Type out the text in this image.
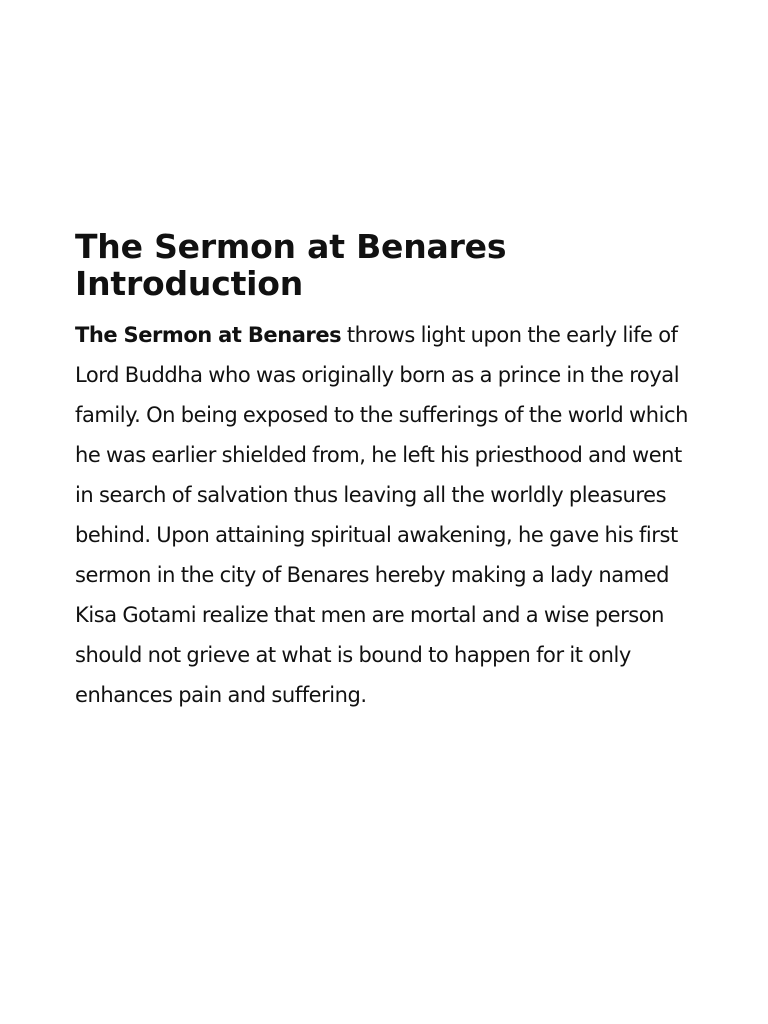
The Sermon at Benares
Introduction

The Sermon at Benares throws light upon the early life of Lord Buddha who was originally born as a prince in the royal family. On being exposed to the sufferings of the world which he was earlier shielded from, he left his priesthood and went in search of salvation thus leaving all the worldly pleasures behind. Upon attaining spiritual awakening, he gave his first sermon in the city of Benares hereby making a lady named Kisa Gotami realize that men are mortal and a wise person should not grieve at what is bound to happen for it only enhances pain and suffering.
